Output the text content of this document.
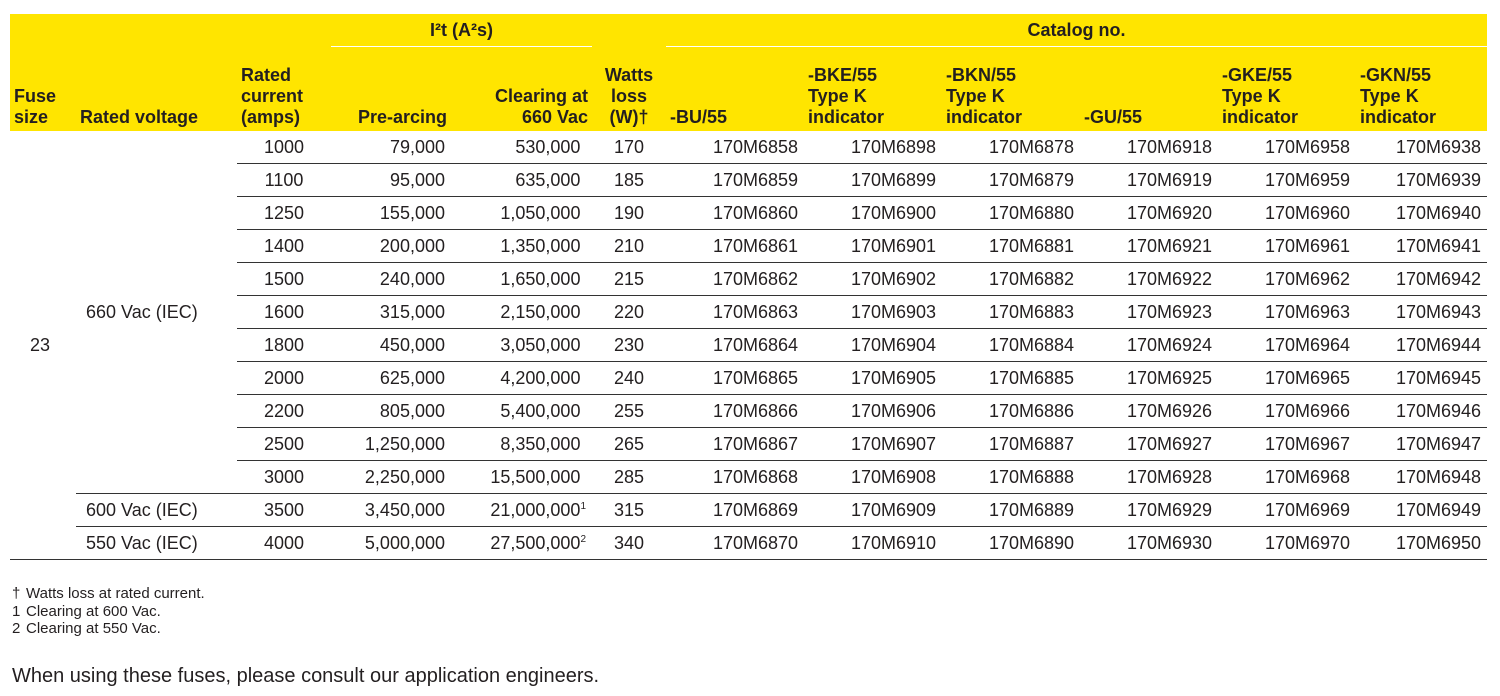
			I²t (A²s)			Catalog no.					

Fuse
size	Rated voltage	Rated
current
(amps)	Pre-arcing	Clearing at
660 Vac	Watts
loss
(W)†	-BU/55	-BKE/55
Type K
indicator	-BKN/55
Type K
indicator	-GU/55	-GKE/55
Type K
indicator	-GKN/55
Type K
indicator

23	660 Vac (IEC)	1000	79,000	530,000	170	170M6858	170M6898	170M6878	170M6918	170M6958	170M6938
		1100	95,000	635,000	185	170M6859	170M6899	170M6879	170M6919	170M6959	170M6939
		1250	155,000	1,050,000	190	170M6860	170M6900	170M6880	170M6920	170M6960	170M6940
		1400	200,000	1,350,000	210	170M6861	170M6901	170M6881	170M6921	170M6961	170M6941
		1500	240,000	1,650,000	215	170M6862	170M6902	170M6882	170M6922	170M6962	170M6942
		1600	315,000	2,150,000	220	170M6863	170M6903	170M6883	170M6923	170M6963	170M6943
		1800	450,000	3,050,000	230	170M6864	170M6904	170M6884	170M6924	170M6964	170M6944
		2000	625,000	4,200,000	240	170M6865	170M6905	170M6885	170M6925	170M6965	170M6945
		2200	805,000	5,400,000	255	170M6866	170M6906	170M6886	170M6926	170M6966	170M6946
		2500	1,250,000	8,350,000	265	170M6867	170M6907	170M6887	170M6927	170M6967	170M6947
		3000	2,250,000	15,500,000	285	170M6868	170M6908	170M6888	170M6928	170M6968	170M6948
	600 Vac (IEC)	3500	3,450,000	21,000,000$^1$	315	170M6869	170M6909	170M6889	170M6929	170M6969	170M6949
	550 Vac (IEC)	4000	5,000,000	27,500,000$^2$	340	170M6870	170M6910	170M6890	170M6930	170M6970	170M6950
† Watts loss at rated current.
1 Clearing at 600 Vac.
2 Clearing at 550 Vac.
When using these fuses, please consult our application engineers.
